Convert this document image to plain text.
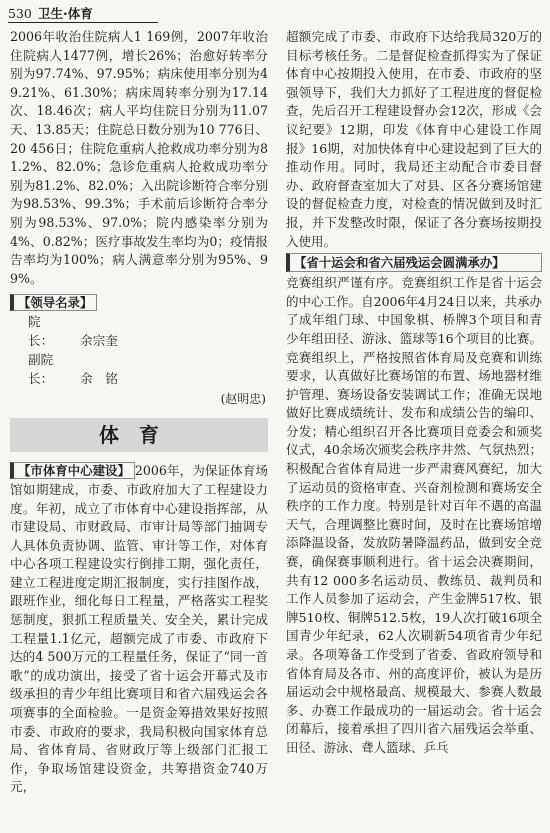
530 卫生·体育

2006年收治住院病人1 169例，2007年收治住院病人1477例，增长26%；治愈好转率分别为97.74%、97.95%；病床使用率分别为49.21%、61.30%；病床周转率分别为17.14次、18.46次；病人平均住院日分别为11.07天、13.85天；住院总日数分别为10 776日、20 456日；住院危重病人抢救成功率分别为81.2%、82.0%；急诊危重病人抢救成功率分别为81.2%、82.0%；入出院诊断符合率分别为98.53%、99.3%；手术前后诊断符合率分别为98.53%、97.0%；院内感染率分别为4%、0.82%；医疗事故发生率均为0；疫情报告率均为100%；病人满意率分别为95%、99%。

【领导名录】
院　长： 余宗奎
副院长： 余　铭
(赵明忠)
体育

【市体育中心建设】 2006年，为保证体育场馆如期建成，市委、市政府加大了工程建设力度。年初，成立了市体育中心建设指挥部，从市建设局、市财政局、市审计局等部门抽调专人具体负责协调、监管、审计等工作，对体育中心各项工程建设实行倒排工期，强化责任，建立工程进度定期汇报制度，实行挂图作战，跟班作业，细化每日工程量，严格落实工程奖惩制度，狠抓工程质量关、安全关，累计完成工程量1.1亿元，超额完成了市委、市政府下达的4 500万元的工程量任务，保证了“同一首歌”的成功演出，接受了省十运会开幕式及市级承担的青少年组比赛项目和省六届残运会各项赛事的全面检验。一是资金筹措效果好按照市委、市政府的要求，我局积极向国家体育总局、省体育局、省财政厅等上级部门汇报工作，争取场馆建设资金，共筹措资金740万元，

超额完成了市委、市政府下达给我局320万的目标考核任务。二是督促检查抓得实为了保证体育中心按期投入使用，在市委、市政府的坚强领导下，我们大力抓好了工程进度的督促检查，先后召开工程建设督办会12次，形成《会议纪要》12期，印发《体育中心建设工作周报》16期，对加快体育中心建设起到了巨大的推动作用。同时，我局还主动配合市委目督办、政府督查室加大了对县、区各分赛场馆建设的督促检查力度，对检查的情况做到及时汇报，并下发整改时限，保证了各分赛场按期投入使用。

【省十运会和省六届残运会圆满承办】

竞赛组织严谨有序。竞赛组织工作是省十运会的中心工作。自2006年4月24日以来，共承办了成年组门球、中国象棋、桥牌3个项目和青少年组田径、游泳、篮球等16个项目的比赛。竞赛组织上，严格按照省体育局及竞赛和训练要求，认真做好比赛场馆的布置、场地器材维护管理、赛场设备安装调试工作；准确无误地做好比赛成绩统计、发布和成绩公告的编印、分发；精心组织召开各比赛项目竞委会和颁奖仪式，40余场次颁奖会秩序井然、气氛热烈；积极配合省体育局进一步严肃赛风赛纪，加大了运动员的资格审查、兴奋剂检测和赛场安全秩序的工作力度。特别是针对百年不遇的高温天气，合理调整比赛时间，及时在比赛场馆增添降温设备，发放防暑降温药品，做到安全竞赛，确保赛事顺利进行。省十运会决赛期间，共有12 000多名运动员、教练员、裁判员和工作人员参加了运动会，产生金牌517枚、银牌510枚、铜牌512.5枚，19人次打破16项全国青少年纪录，62人次刷新54项省青少年纪录。各项筹备工作受到了省委、省政府领导和省体育局及各市、州的高度评价，被认为是历届运动会中规格最高、规模最大、参赛人数最多、办赛工作最成功的一届运动会。省十运会闭幕后，接着承担了四川省六届残运会举重、田径、游泳、聋人篮球、乒乓
